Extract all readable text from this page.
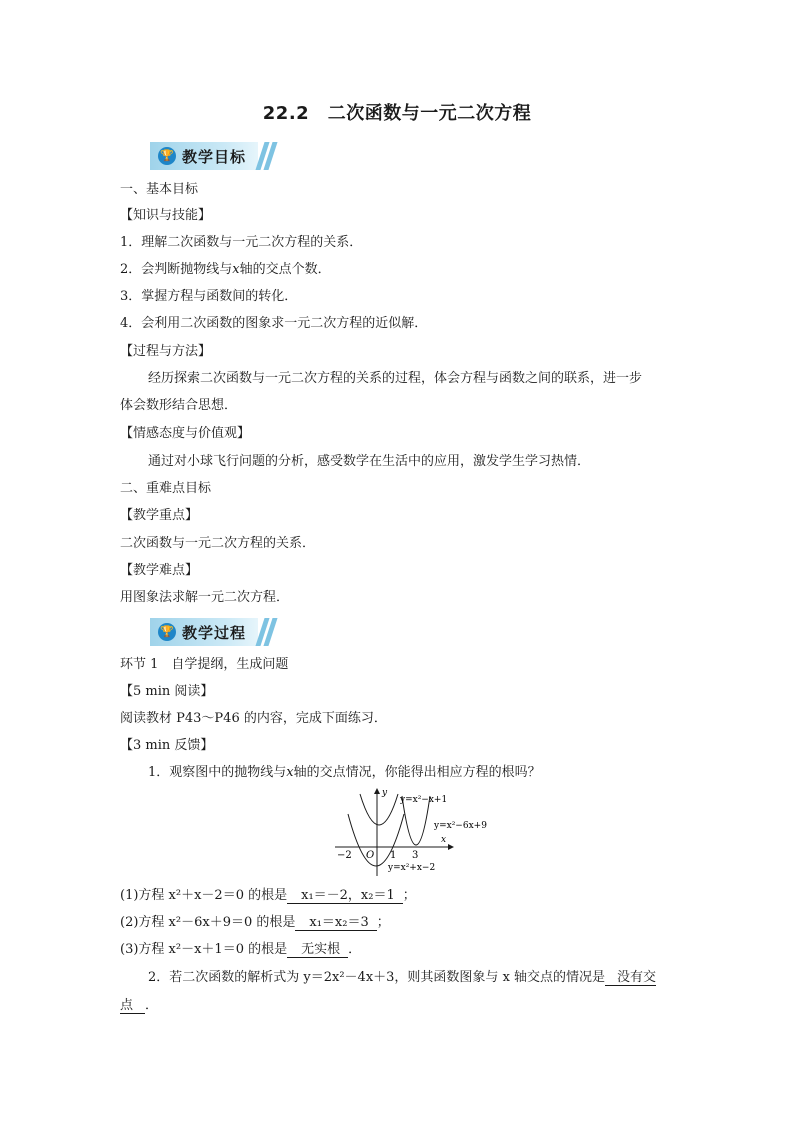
22.2　二次函数与一元二次方程
🏆 教学目标
一、基本目标
【知识与技能】
1．理解二次函数与一元二次方程的关系．
2．会判断抛物线与x轴的交点个数．
3．掌握方程与函数间的转化．
4．会利用二次函数的图象求一元二次方程的近似解．
【过程与方法】
经历探索二次函数与一元二次方程的关系的过程，体会方程与函数之间的联系，进一步
体会数形结合思想．
【情感态度与价值观】
通过对小球飞行问题的分析，感受数学在生活中的应用，激发学生学习热情．
二、重难点目标
【教学重点】
二次函数与一元二次方程的关系．
【教学难点】
用图象法求解一元二次方程．
🏆 教学过程
环节 1　自学提纲，生成问题
【5 min 阅读】
阅读教材 P43～P46 的内容，完成下面练习．
【3 min 反馈】
1．观察图中的抛物线与x轴的交点情况，你能得出相应方程的根吗？
y
x
O
−2	1 3
y=x²−x+1
y=x²−6x+9
y=x²+x−2
(1)方程 x²＋x－2＝0 的根是 x₁＝－2，x₂＝1 ；
(2)方程 x²－6x＋9＝0 的根是 x₁＝x₂＝3 ；
(3)方程 x²－x＋1＝0 的根是 无实根 ．
2．若二次函数的解析式为 y＝2x²－4x＋3，则其函数图象与 x 轴交点的情况是 没有交
点 ．
